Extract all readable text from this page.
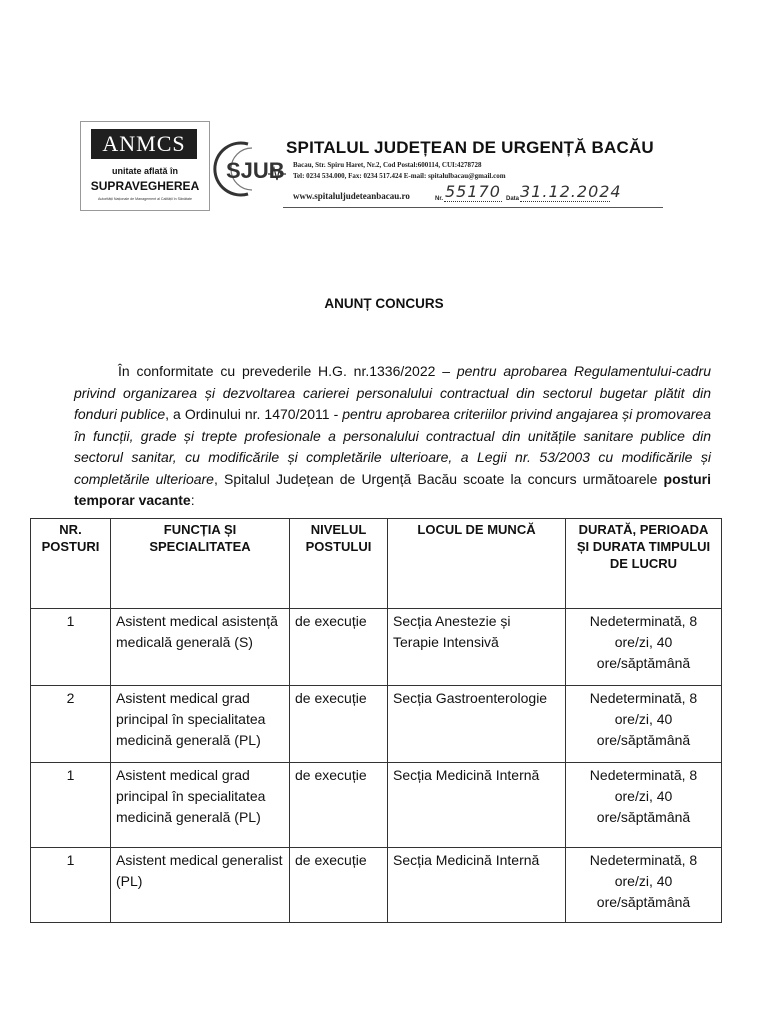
ANMCS
unitate aflată în
SUPRAVEGHEREA
Autorității Naționale de Management al Calității în Sănătate
SJUB
SPITALUL JUDEȚEAN DE URGENȚĂ BACĂU
Bacau, Str. Spiru Haret, Nr.2, Cod Postal:600114, CUI:4278728
Tel: 0234 534.000, Fax: 0234 517.424 E-mail: spitalulbacau@gmail.com
www.spitaluljudeteanbacau.ro	Nr. 55170 Data 31.12.2024
ANUNȚ CONCURS
În conformitate cu prevederile H.G. nr.1336/2022 – pentru aprobarea Regulamentului-cadru privind organizarea și dezvoltarea carierei personalului contractual din sectorul bugetar plătit din fonduri publice, a Ordinului nr. 1470/2011 - pentru aprobarea criteriilor privind angajarea și promovarea în funcții, grade și trepte profesionale a personalului contractual din unitățile sanitare publice din sectorul sanitar, cu modificările și completările ulterioare, a Legii nr. 53/2003 cu modificările și completările ulterioare, Spitalul Județean de Urgență Bacău scoate la concurs următoarele posturi temporar vacante:
NR. POSTURI	FUNCȚIA ȘI SPECIALITATEA	NIVELUL POSTULUI	LOCUL DE MUNCĂ	DURATĂ, PERIOADA ȘI DURATA TIMPULUI DE LUCRU
1	Asistent medical asistență medicală generală (S)	de execuție	Secția Anestezie și Terapie Intensivă	Nedeterminată, 8 ore/zi, 40 ore/săptămână
2	Asistent medical grad principal în specialitatea medicină generală (PL)	de execuție	Secția Gastroenterologie	Nedeterminată, 8 ore/zi, 40 ore/săptămână
1	Asistent medical grad principal în specialitatea medicină generală (PL)	de execuție	Secția Medicină Internă	Nedeterminată, 8 ore/zi, 40 ore/săptămână
1	Asistent medical generalist (PL)	de execuție	Secția Medicină Internă	Nedeterminată, 8 ore/zi, 40 ore/săptămână
